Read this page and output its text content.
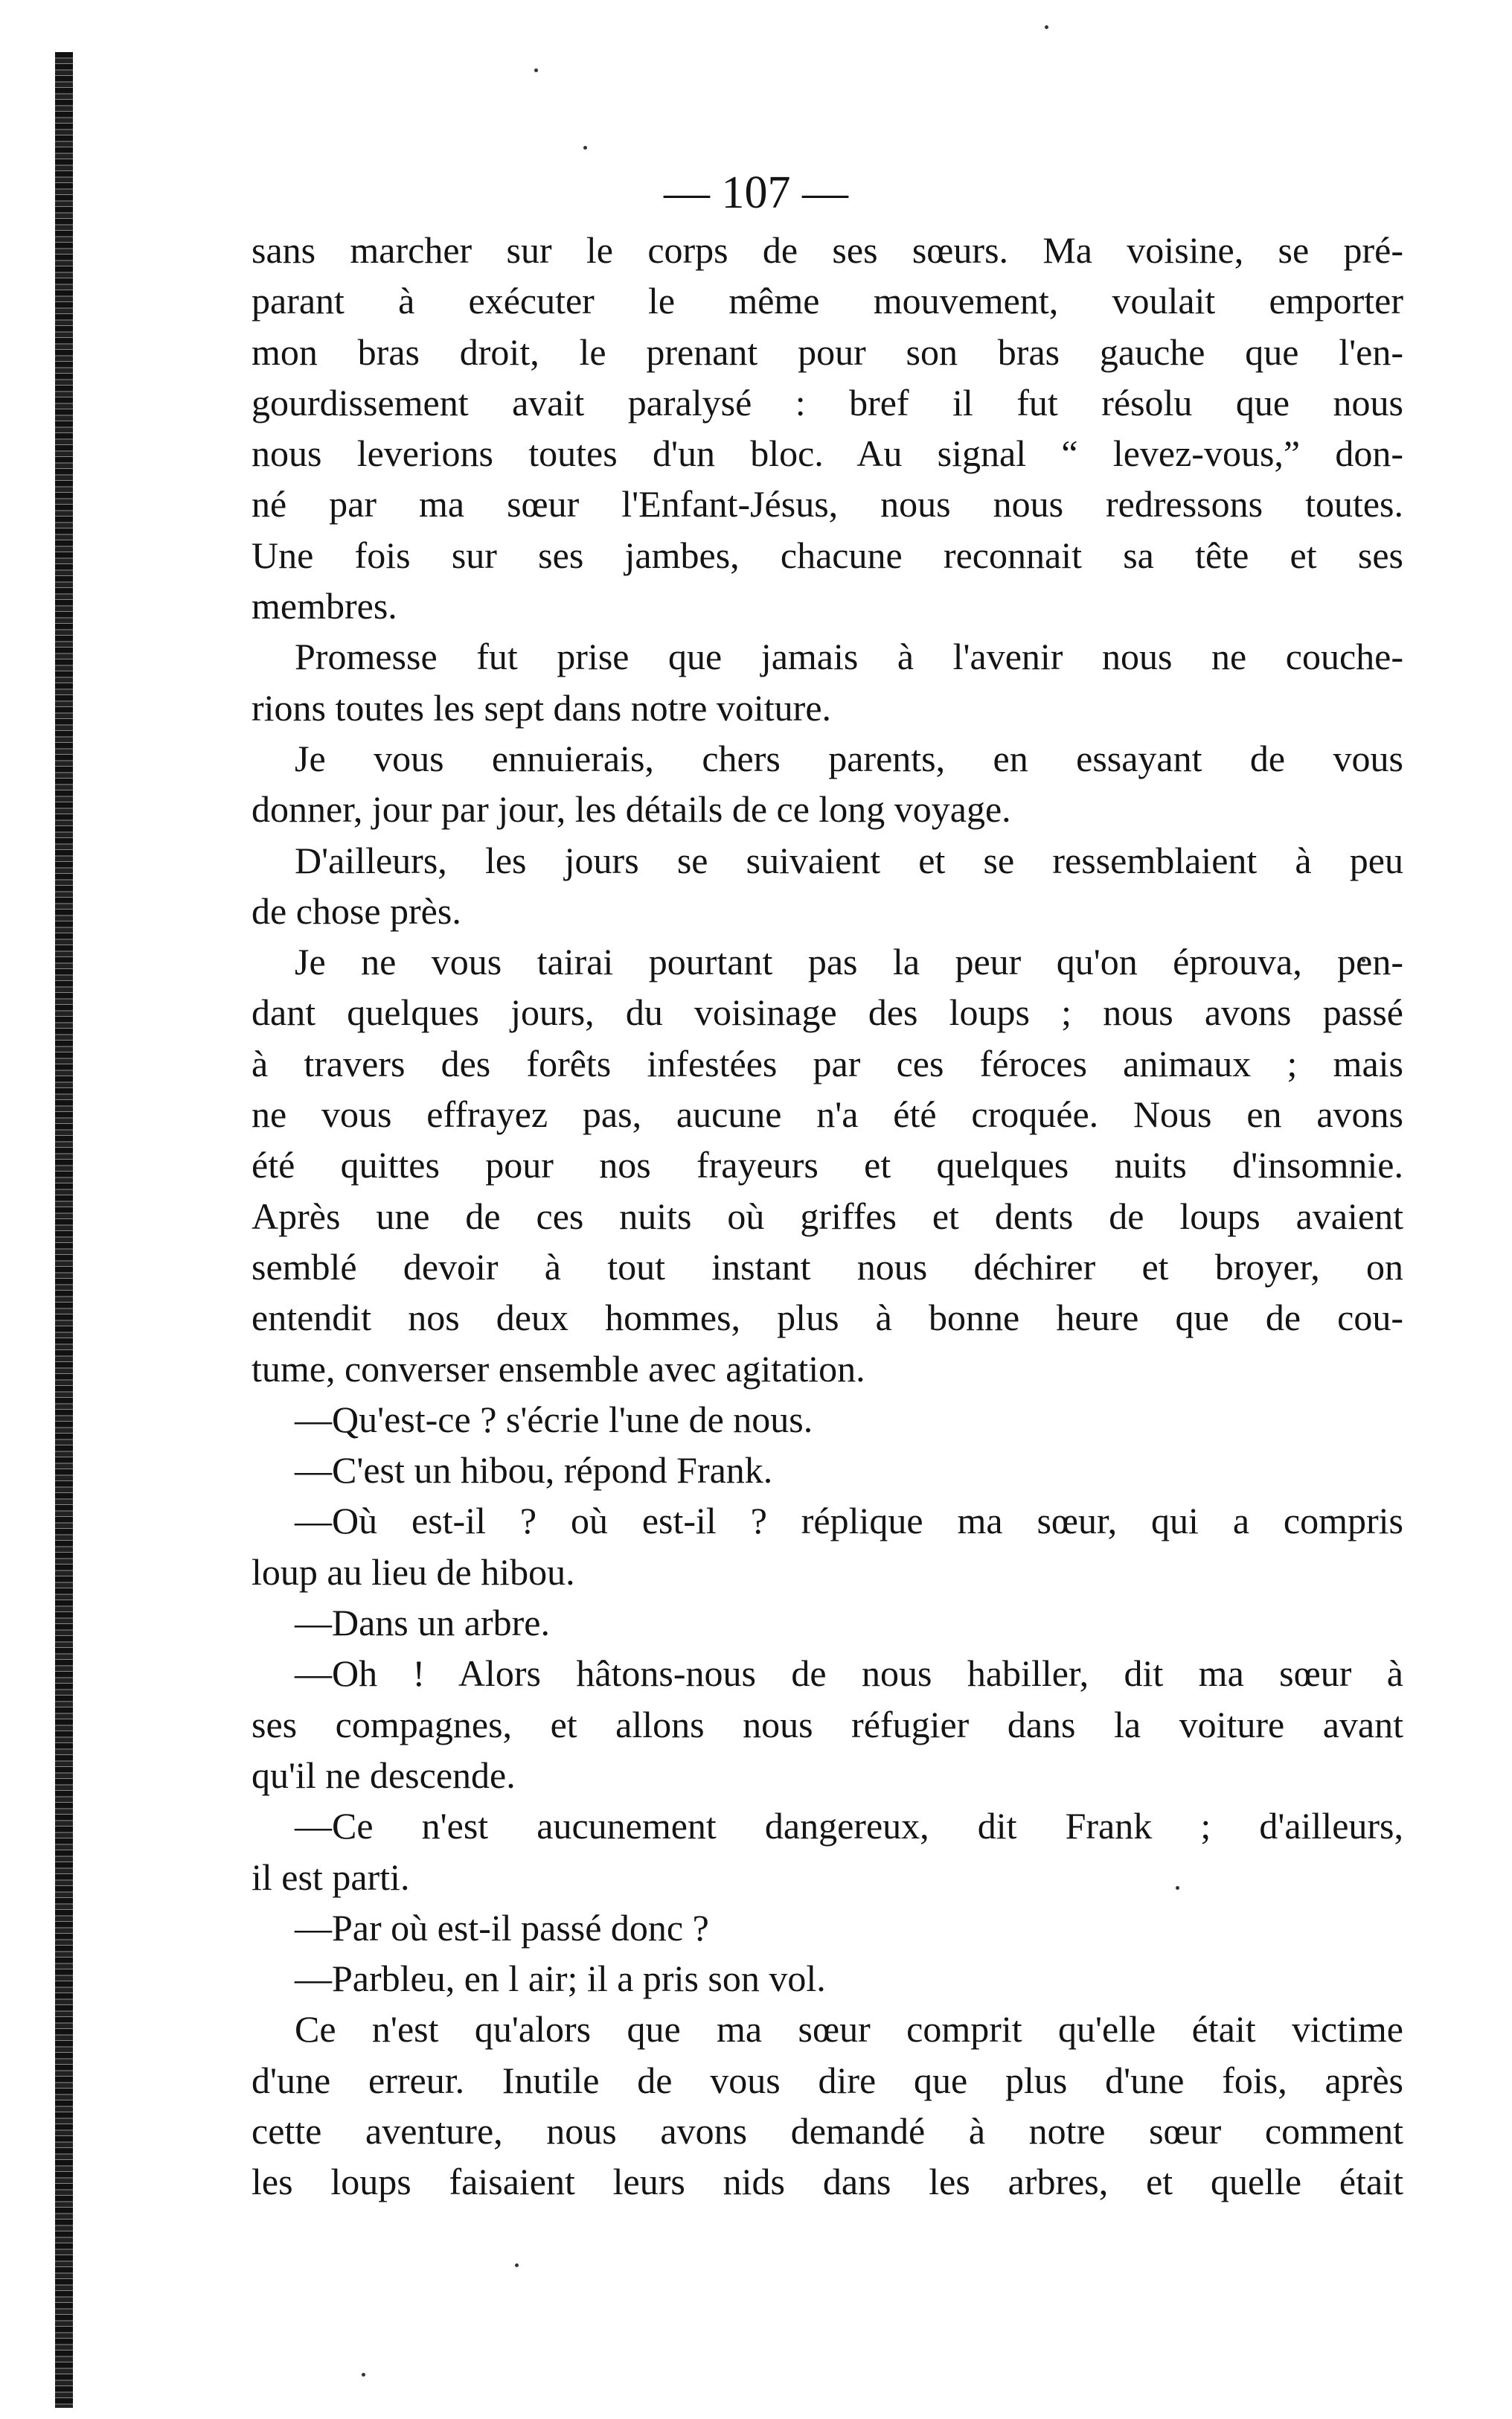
— 107 —
sans marcher sur le corps de ses sœurs. Ma voisine, se pré-
parant à exécuter le même mouvement, voulait emporter
mon bras droit, le prenant pour son bras gauche que l'en-
gourdissement avait paralysé : bref il fut résolu que nous
nous leverions toutes d'un bloc. Au signal “ levez-vous,” don-
né par ma sœur l'Enfant-Jésus, nous nous redressons toutes.
Une fois sur ses jambes, chacune reconnait sa tête et ses
membres.
Promesse fut prise que jamais à l'avenir nous ne couche-
rions toutes les sept dans notre voiture.
Je vous ennuierais, chers parents, en essayant de vous
donner, jour par jour, les détails de ce long voyage.
D'ailleurs, les jours se suivaient et se ressemblaient à peu
de chose près.
Je ne vous tairai pourtant pas la peur qu'on éprouva, pen-
dant quelques jours, du voisinage des loups ; nous avons passé
à travers des forêts infestées par ces féroces animaux ; mais
ne vous effrayez pas, aucune n'a été croquée. Nous en avons
été quittes pour nos frayeurs et quelques nuits d'insomnie.
Après une de ces nuits où griffes et dents de loups avaient
semblé devoir à tout instant nous déchirer et broyer, on
entendit nos deux hommes, plus à bonne heure que de cou-
tume, converser ensemble avec agitation.
—Qu'est-ce ? s'écrie l'une de nous.
—C'est un hibou, répond Frank.
—Où est-il ? où est-il ? réplique ma sœur, qui a compris
loup au lieu de hibou.
—Dans un arbre.
—Oh ! Alors hâtons-nous de nous habiller, dit ma sœur à
ses compagnes, et allons nous réfugier dans la voiture avant
qu'il ne descende.
—Ce n'est aucunement dangereux, dit Frank ; d'ailleurs,
il est parti.
—Par où est-il passé donc ?
—Parbleu, en l air; il a pris son vol.
Ce n'est qu'alors que ma sœur comprit qu'elle était victime
d'une erreur. Inutile de vous dire que plus d'une fois, après
cette aventure, nous avons demandé à notre sœur comment
les loups faisaient leurs nids dans les arbres, et quelle était
